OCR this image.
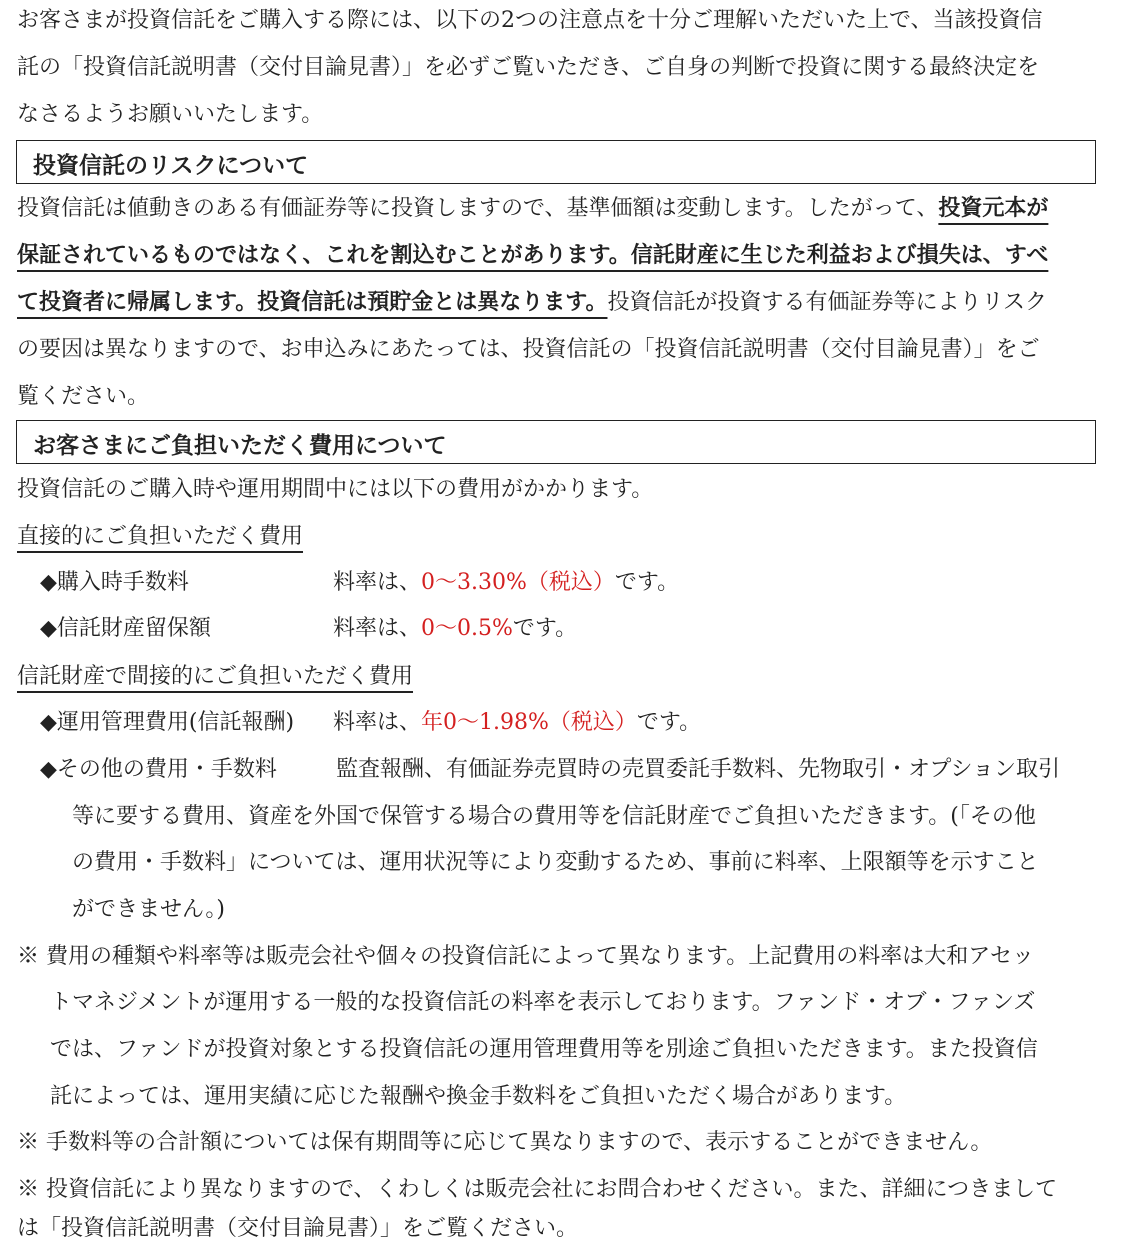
お客さまが投資信託をご購入する際には、以下の2つの注意点を十分ご理解いただいた上で、当該投資信
託の「投資信託説明書（交付目論見書）」を必ずご覧いただき、ご自身の判断で投資に関する最終決定を
なさるようお願いいたします。
投資信託のリスクについて
投資信託は値動きのある有価証券等に投資しますので、基準価額は変動します。したがって、投資元本が
保証されているものではなく、これを割込むことがあります。信託財産に生じた利益および損失は、すべ
て投資者に帰属します。投資信託は預貯金とは異なります。投資信託が投資する有価証券等によりリスク
の要因は異なりますので、お申込みにあたっては、投資信託の「投資信託説明書（交付目論見書）」をご
覧ください。
お客さまにご負担いただく費用について
投資信託のご購入時や運用期間中には以下の費用がかかります。
直接的にご負担いただく費用
◆購入時手数料	料率は、0～3.30%（税込）です。
◆信託財産留保額	料率は、0～0.5%です。
信託財産で間接的にご負担いただく費用
◆運用管理費用(信託報酬) 料率は、年0～1.98%（税込）です。
◆その他の費用・手数料	監査報酬、有価証券売買時の売買委託手数料、先物取引・オプション取引
等に要する費用、資産を外国で保管する場合の費用等を信託財産でご負担いただきます。(「その他
の費用・手数料」については、運用状況等により変動するため、事前に料率、上限額等を示すこと
ができません。)
※ 費用の種類や料率等は販売会社や個々の投資信託によって異なります。上記費用の料率は大和アセッ
トマネジメントが運用する一般的な投資信託の料率を表示しております。ファンド・オブ・ファンズ
では、ファンドが投資対象とする投資信託の運用管理費用等を別途ご負担いただきます。また投資信
託によっては、運用実績に応じた報酬や換金手数料をご負担いただく場合があります。
※ 手数料等の合計額については保有期間等に応じて異なりますので、表示することができません。
※ 投資信託により異なりますので、くわしくは販売会社にお問合わせください。また、詳細につきまして
は「投資信託説明書（交付目論見書）」をご覧ください。
